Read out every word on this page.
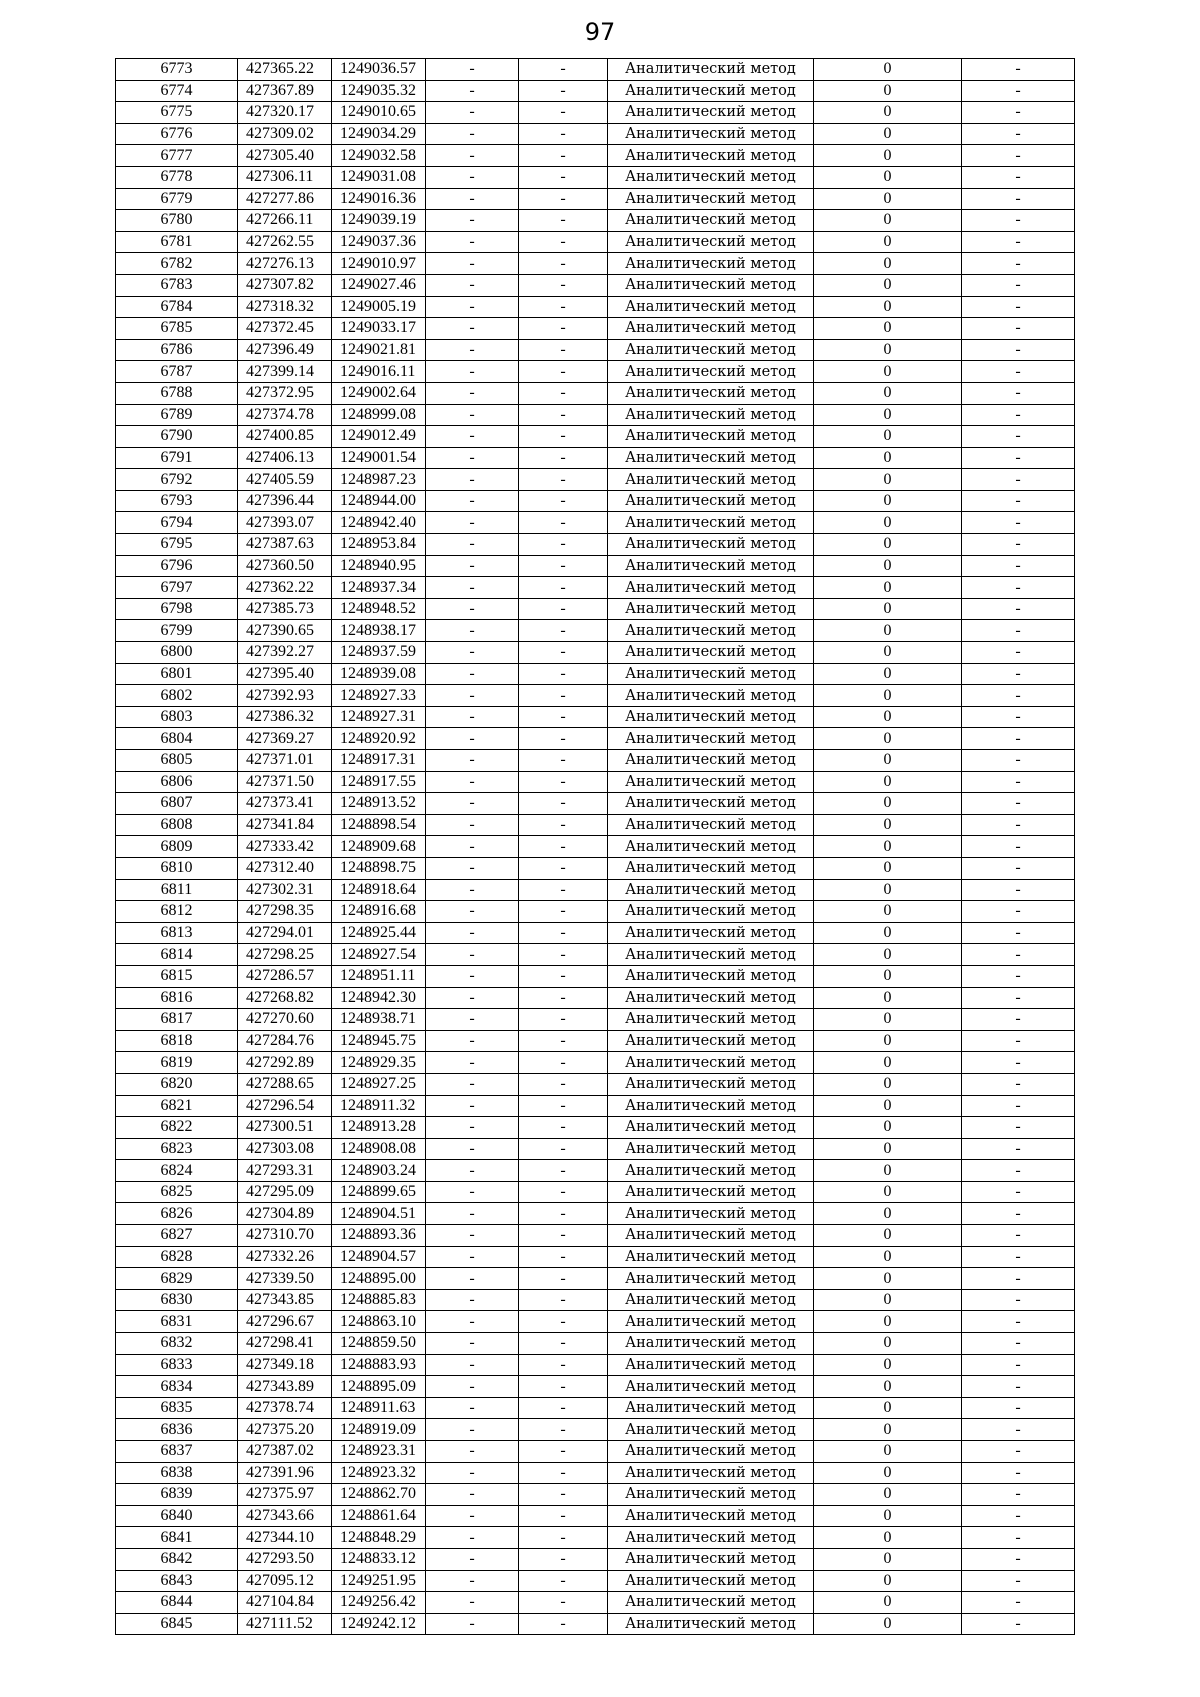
97
6773	427365.22	1249036.57	-	-	Аналитический метод	0	-
6774	427367.89	1249035.32	-	-	Аналитический метод	0	-
6775	427320.17	1249010.65	-	-	Аналитический метод	0	-
6776	427309.02	1249034.29	-	-	Аналитический метод	0	-
6777	427305.40	1249032.58	-	-	Аналитический метод	0	-
6778	427306.11	1249031.08	-	-	Аналитический метод	0	-
6779	427277.86	1249016.36	-	-	Аналитический метод	0	-
6780	427266.11	1249039.19	-	-	Аналитический метод	0	-
6781	427262.55	1249037.36	-	-	Аналитический метод	0	-
6782	427276.13	1249010.97	-	-	Аналитический метод	0	-
6783	427307.82	1249027.46	-	-	Аналитический метод	0	-
6784	427318.32	1249005.19	-	-	Аналитический метод	0	-
6785	427372.45	1249033.17	-	-	Аналитический метод	0	-
6786	427396.49	1249021.81	-	-	Аналитический метод	0	-
6787	427399.14	1249016.11	-	-	Аналитический метод	0	-
6788	427372.95	1249002.64	-	-	Аналитический метод	0	-
6789	427374.78	1248999.08	-	-	Аналитический метод	0	-
6790	427400.85	1249012.49	-	-	Аналитический метод	0	-
6791	427406.13	1249001.54	-	-	Аналитический метод	0	-
6792	427405.59	1248987.23	-	-	Аналитический метод	0	-
6793	427396.44	1248944.00	-	-	Аналитический метод	0	-
6794	427393.07	1248942.40	-	-	Аналитический метод	0	-
6795	427387.63	1248953.84	-	-	Аналитический метод	0	-
6796	427360.50	1248940.95	-	-	Аналитический метод	0	-
6797	427362.22	1248937.34	-	-	Аналитический метод	0	-
6798	427385.73	1248948.52	-	-	Аналитический метод	0	-
6799	427390.65	1248938.17	-	-	Аналитический метод	0	-
6800	427392.27	1248937.59	-	-	Аналитический метод	0	-
6801	427395.40	1248939.08	-	-	Аналитический метод	0	-
6802	427392.93	1248927.33	-	-	Аналитический метод	0	-
6803	427386.32	1248927.31	-	-	Аналитический метод	0	-
6804	427369.27	1248920.92	-	-	Аналитический метод	0	-
6805	427371.01	1248917.31	-	-	Аналитический метод	0	-
6806	427371.50	1248917.55	-	-	Аналитический метод	0	-
6807	427373.41	1248913.52	-	-	Аналитический метод	0	-
6808	427341.84	1248898.54	-	-	Аналитический метод	0	-
6809	427333.42	1248909.68	-	-	Аналитический метод	0	-
6810	427312.40	1248898.75	-	-	Аналитический метод	0	-
6811	427302.31	1248918.64	-	-	Аналитический метод	0	-
6812	427298.35	1248916.68	-	-	Аналитический метод	0	-
6813	427294.01	1248925.44	-	-	Аналитический метод	0	-
6814	427298.25	1248927.54	-	-	Аналитический метод	0	-
6815	427286.57	1248951.11	-	-	Аналитический метод	0	-
6816	427268.82	1248942.30	-	-	Аналитический метод	0	-
6817	427270.60	1248938.71	-	-	Аналитический метод	0	-
6818	427284.76	1248945.75	-	-	Аналитический метод	0	-
6819	427292.89	1248929.35	-	-	Аналитический метод	0	-
6820	427288.65	1248927.25	-	-	Аналитический метод	0	-
6821	427296.54	1248911.32	-	-	Аналитический метод	0	-
6822	427300.51	1248913.28	-	-	Аналитический метод	0	-
6823	427303.08	1248908.08	-	-	Аналитический метод	0	-
6824	427293.31	1248903.24	-	-	Аналитический метод	0	-
6825	427295.09	1248899.65	-	-	Аналитический метод	0	-
6826	427304.89	1248904.51	-	-	Аналитический метод	0	-
6827	427310.70	1248893.36	-	-	Аналитический метод	0	-
6828	427332.26	1248904.57	-	-	Аналитический метод	0	-
6829	427339.50	1248895.00	-	-	Аналитический метод	0	-
6830	427343.85	1248885.83	-	-	Аналитический метод	0	-
6831	427296.67	1248863.10	-	-	Аналитический метод	0	-
6832	427298.41	1248859.50	-	-	Аналитический метод	0	-
6833	427349.18	1248883.93	-	-	Аналитический метод	0	-
6834	427343.89	1248895.09	-	-	Аналитический метод	0	-
6835	427378.74	1248911.63	-	-	Аналитический метод	0	-
6836	427375.20	1248919.09	-	-	Аналитический метод	0	-
6837	427387.02	1248923.31	-	-	Аналитический метод	0	-
6838	427391.96	1248923.32	-	-	Аналитический метод	0	-
6839	427375.97	1248862.70	-	-	Аналитический метод	0	-
6840	427343.66	1248861.64	-	-	Аналитический метод	0	-
6841	427344.10	1248848.29	-	-	Аналитический метод	0	-
6842	427293.50	1248833.12	-	-	Аналитический метод	0	-
6843	427095.12	1249251.95	-	-	Аналитический метод	0	-
6844	427104.84	1249256.42	-	-	Аналитический метод	0	-
6845	427111.52	1249242.12	-	-	Аналитический метод	0	-
